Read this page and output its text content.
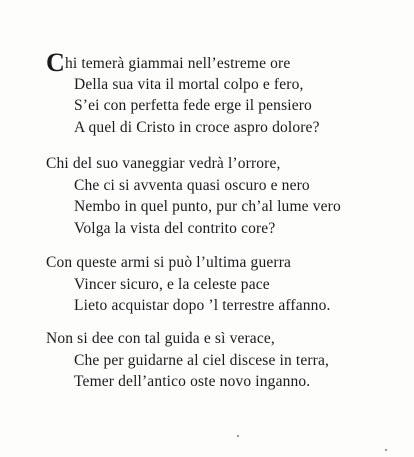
Chi temerà giammai nell’estreme ore
Della sua vita il mortal colpo e fero,
S’ei con perfetta fede erge il pensiero
A quel di Cristo in croce aspro dolore?
Chi del suo vaneggiar vedrà l’orrore,
Che ci si avventa quasi oscuro e nero
Nembo in quel punto, pur ch’al lume vero
Volga la vista del contrito core?
Con queste armi si può l’ultima guerra
Vincer sicuro, e la celeste pace
Lieto acquistar dopo ’l terrestre affanno.
Non si dee con tal guida e sì verace,
Che per guidarne al ciel discese in terra,
Temer dell’antico oste novo inganno.
